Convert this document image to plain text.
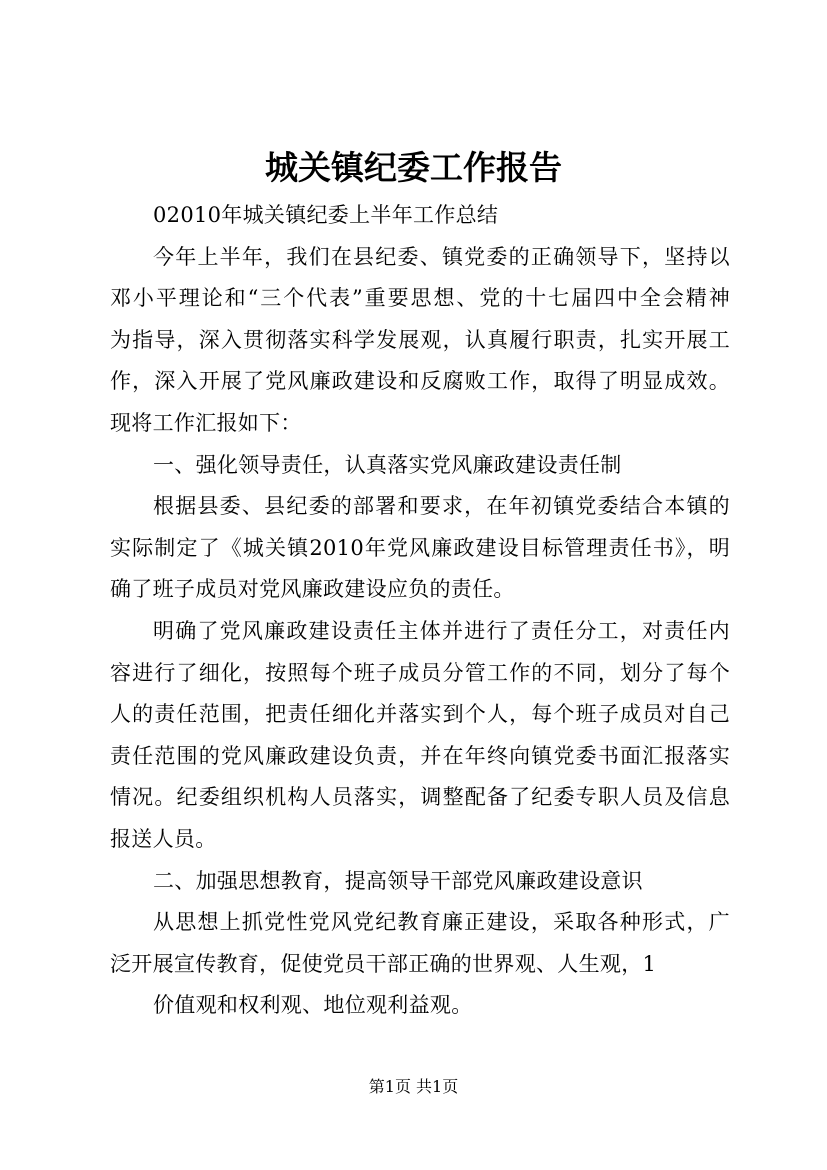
城关镇纪委工作报告

02010年城关镇纪委上半年工作总结

今年上半年，我们在县纪委、镇党委的正确领导下，坚持以

邓小平理论和“三个代表”重要思想、党的十七届四中全会精神

为指导，深入贯彻落实科学发展观，认真履行职责，扎实开展工

作，深入开展了党风廉政建设和反腐败工作，取得了明显成效。

现将工作汇报如下：

一、强化领导责任，认真落实党风廉政建设责任制

根据县委、县纪委的部署和要求，在年初镇党委结合本镇的

实际制定了《城关镇2010年党风廉政建设目标管理责任书》，明

确了班子成员对党风廉政建设应负的责任。

明确了党风廉政建设责任主体并进行了责任分工，对责任内

容进行了细化，按照每个班子成员分管工作的不同，划分了每个

人的责任范围，把责任细化并落实到个人，每个班子成员对自己

责任范围的党风廉政建设负责，并在年终向镇党委书面汇报落实

情况。纪委组织机构人员落实，调整配备了纪委专职人员及信息

报送人员。

二、加强思想教育，提高领导干部党风廉政建设意识

从思想上抓党性党风党纪教育廉正建设，采取各种形式，广

泛开展宣传教育，促使党员干部正确的世界观、人生观，1

价值观和权利观、地位观利益观。

第1页 共1页
